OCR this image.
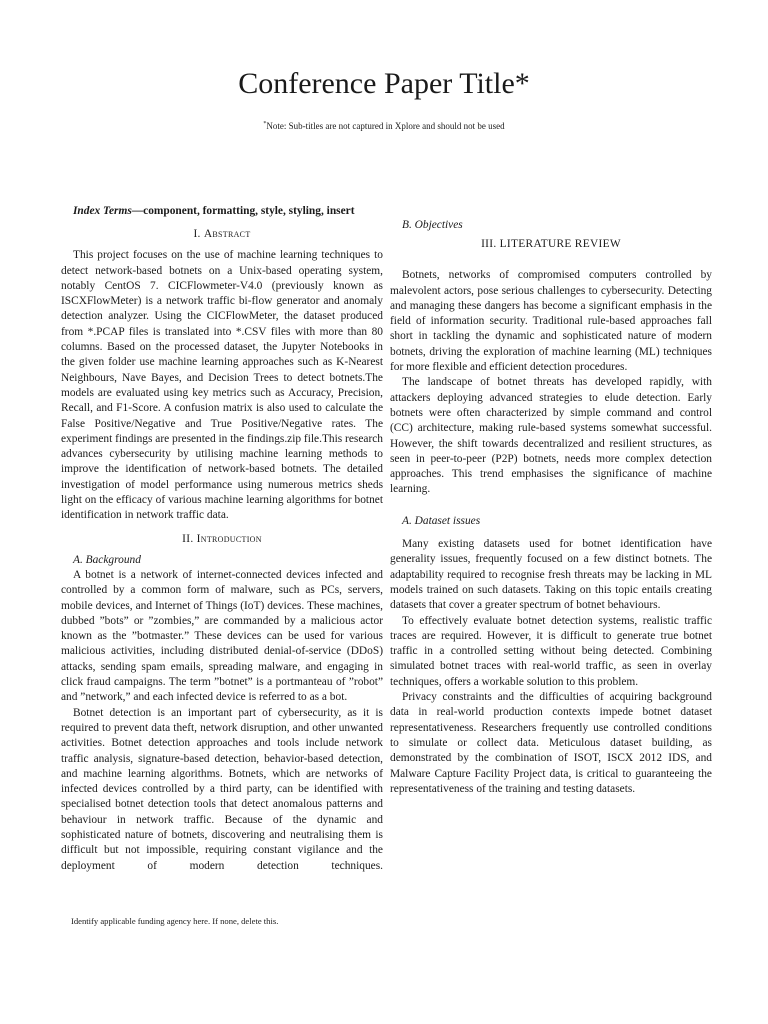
Conference Paper Title*
*Note: Sub-titles are not captured in Xplore and should not be used

Index Terms—component, formatting, style, styling, insert

I. Abstract

This project focuses on the use of machine learning techniques to detect network-based botnets on a Unix-based operating system, notably CentOS 7. CICFlowmeter-V4.0 (previously known as ISCXFlowMeter) is a network traffic bi-flow generator and anomaly detection analyzer. Using the CICFlowMeter, the dataset produced from *.PCAP files is translated into *.CSV files with more than 80 columns. Based on the processed dataset, the Jupyter Notebooks in the given folder use machine learning approaches such as K-Nearest Neighbours, Nave Bayes, and Decision Trees to detect botnets.The models are evaluated using key metrics such as Accuracy, Precision, Recall, and F1-Score. A confusion matrix is also used to calculate the False Positive/Negative and True Positive/Negative rates. The experiment findings are presented in the findings.zip file.This research advances cybersecurity by utilising machine learning methods to improve the identification of network-based botnets. The detailed investigation of model performance using numerous metrics sheds light on the efficacy of various machine learning algorithms for botnet identification in network traffic data.

II. Introduction

A. Background

A botnet is a network of internet-connected devices infected and controlled by a common form of malware, such as PCs, servers, mobile devices, and Internet of Things (IoT) devices. These machines, dubbed ”bots” or ”zombies,” are commanded by a malicious actor known as the ”botmaster.” These devices can be used for various malicious activities, including distributed denial-of-service (DDoS) attacks, sending spam emails, spreading malware, and engaging in click fraud campaigns. The term ”botnet” is a portmanteau of ”robot” and ”network,” and each infected device is referred to as a bot.

Botnet detection is an important part of cybersecurity, as it is required to prevent data theft, network disruption, and other unwanted activities. Botnet detection approaches and tools include network traffic analysis, signature-based detection, behavior-based detection, and machine learning algorithms. Botnets, which are networks of infected devices controlled by a third party, can be identified with specialised botnet detection tools that detect anomalous patterns and behaviour in network traffic. Because of the dynamic and sophisticated nature of botnets, discovering and neutralising them is difficult but not impossible, requiring constant vigilance and the deployment of modern detection techniques.

Identify applicable funding agency here. If none, delete this.

B. Objectives

III. LITERATURE REVIEW

Botnets, networks of compromised computers controlled by malevolent actors, pose serious challenges to cybersecurity. Detecting and managing these dangers has become a significant emphasis in the field of information security. Traditional rule-based approaches fall short in tackling the dynamic and sophisticated nature of modern botnets, driving the exploration of machine learning (ML) techniques for more flexible and efficient detection procedures.

The landscape of botnet threats has developed rapidly, with attackers deploying advanced strategies to elude detection. Early botnets were often characterized by simple command and control (CC) architecture, making rule-based systems somewhat successful. However, the shift towards decentralized and resilient structures, as seen in peer-to-peer (P2P) botnets, needs more complex detection approaches. This trend emphasises the significance of machine learning.

A. Dataset issues

Many existing datasets used for botnet identification have generality issues, frequently focused on a few distinct botnets. The adaptability required to recognise fresh threats may be lacking in ML models trained on such datasets. Taking on this topic entails creating datasets that cover a greater spectrum of botnet behaviours.

To effectively evaluate botnet detection systems, realistic traffic traces are required. However, it is difficult to generate true botnet traffic in a controlled setting without being detected. Combining simulated botnet traces with real-world traffic, as seen in overlay techniques, offers a workable solution to this problem.

Privacy constraints and the difficulties of acquiring background data in real-world production contexts impede botnet dataset representativeness. Researchers frequently use controlled conditions to simulate or collect data. Meticulous dataset building, as demonstrated by the combination of ISOT, ISCX 2012 IDS, and Malware Capture Facility Project data, is critical to guaranteeing the representativeness of the training and testing datasets.
